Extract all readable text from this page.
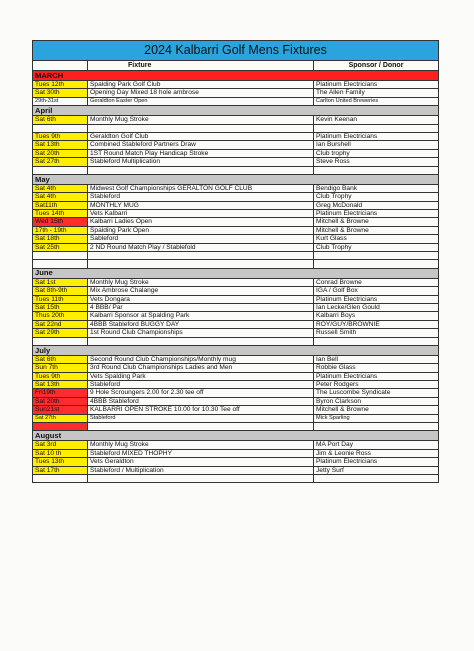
2024 Kalbarri Golf Mens Fixtures		
	Fixture	Sponsor / Donor
MARCH		
Tues 12th	Spalding Park Golf Club	Platinum Electricians
Sat 30th	Opening Day Mixed 18 hole ambrose	The Allen Family
29th-31st	Geraldton Easter Open	Carlton United Breweries
April		
Sat 6th	Monthly Mug Stroke	Kevin Keenan

Tues 9th	Geraldton Golf Club	Platinum Electricians
Sat 13th	Combined Stableford Partners Draw	Ian Burshell
Sat 20th	1ST Round Match Play Handicap Stroke	Club trophy
Sat 27th	Stableford Multiplication	Steve Ross

May		
Sat 4th	Midwest Golf Championships GERALTON GOLF CLUB	Bendigo Bank
Sat 4th	Stableford	Club Trophy
Sat11th	MONTHLY MUG	Greg McDonald
Tues 14th	Vets Kalbarri	Platinum Electricians
Wed 15th	Kalbarri Ladies Open	Mitchell & Browne
17th - 19th	Spalding Park Open	Mitchell & Browne
Sat 18th	Sableford	Kurt Glass
Sat 25th	2 ND Round Match Play / Stablefold	Club Trophy

June		
Sat 1st	Monthly Mug Stroke	Conrad Browne
Sat 8th-9th	Mix Ambrose Chalange	IGA / Golf Box
Tues 11th	Vets Dongara	Platinum Electricians
Sat 15th	4 BBB/ Par	Ian Lecke/Glen Gould
Thus 20th	Kalbarri Sponsor at Spalding Park	Kalbarri Boys
Sat 22nd	4BBB Stableford BUGGY DAY	ROY/GUY/BROWNIE
Sat 29th	1st Round Club Championships	Russell Smith

July		
Sat 6th	Second Round Club Championships/Monthly mug	Ian Bell
Sun 7th	3rd Round Club Championships Ladies and Men	Robbie Glass
Tues 9th	Vets Spalding Park	Platinum Electricians
Sat 13th	Stableford	Peter Rodgers
Fri19th	9 Hole Scroungers 2.00 for 2.30 tee off	The Luscombe Syndicate
Sat 20th	4BBB Stableford	Byron Clarkson
Sun21st	KALBARRI OPEN STROKE 10.00 for 10.30 Tee off	Mitchell & Browne
Sat 27th	Stableford	Mick Sparling

August		
Sat 3rd	Monthly Mug Stroke	MA Port Day
Sat 10 th	Stableford MIXED THOPHY	Jim & Leonie Ross
Tues 13th	Vets Geraldton	Platinum Electricians
Sat 17th	Stableford / Multiplication	Jetty Surf
